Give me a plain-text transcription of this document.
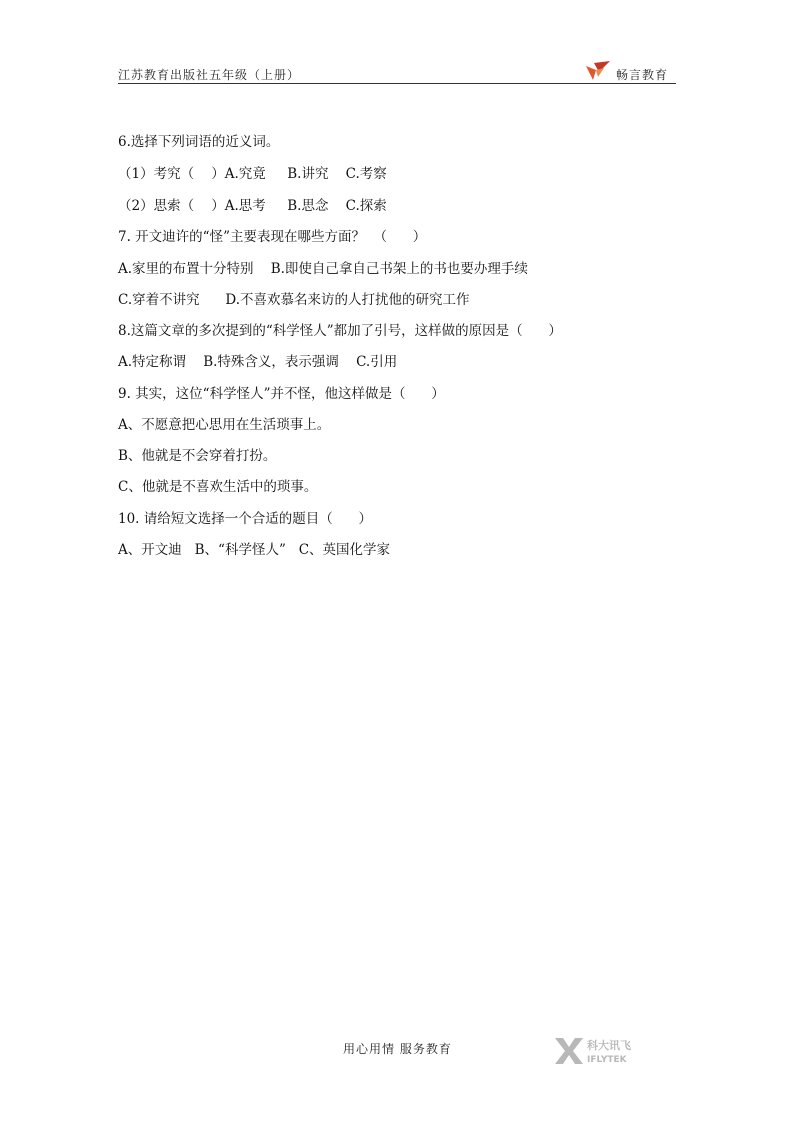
江苏教育出版社五年级（上册）	畅言教育
6.选择下列词语的近义词。
（1）考究（    ）A.究竟     B.讲究    C.考察
（2）思索（    ）A.思考     B.思念    C.探索
7. 开文迪许的“怪”主要表现在哪些方面？  （      ）
A.家里的布置十分特别    B.即使自己拿自己书架上的书也要办理手续
C.穿着不讲究      D.不喜欢慕名来访的人打扰他的研究工作
8.这篇文章的多次提到的“科学怪人”都加了引号，这样做的原因是（      ）
A.特定称谓    B.特殊含义，表示强调    C.引用
9. 其实，这位“科学怪人”并不怪，他这样做是（      ）
A、不愿意把心思用在生活琐事上。
B、他就是不会穿着打扮。
C、他就是不喜欢生活中的琐事。
10. 请给短文选择一个合适的题目（      ）
A、开文迪   B、“科学怪人”   C、英国化学家
用心用情 服务教育	科大讯飞
IFLYTEK
